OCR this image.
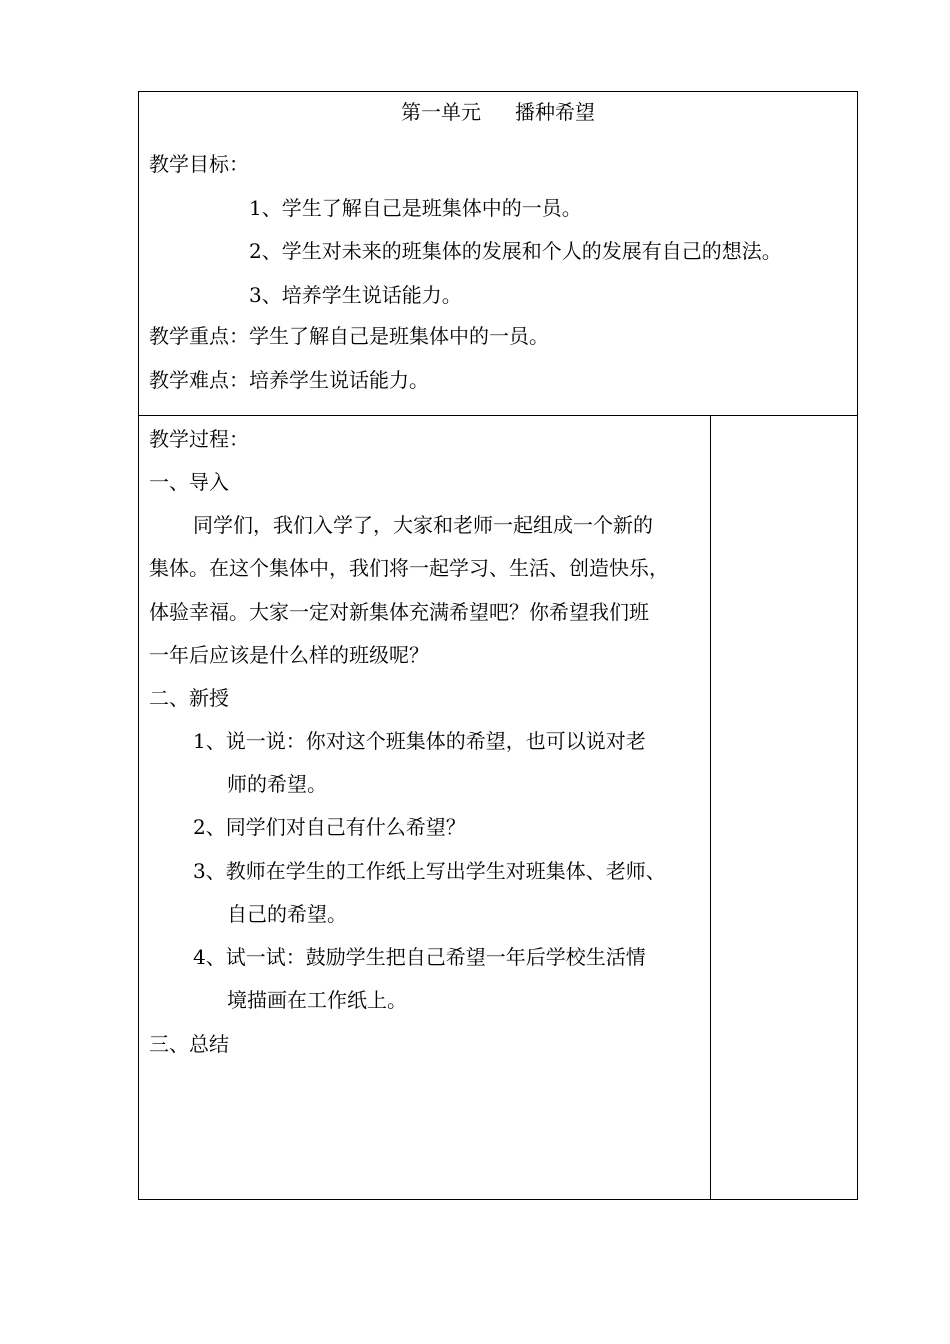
第一单元 播种希望
教学目标：
1、学生了解自己是班集体中的一员。
2、学生对未来的班集体的发展和个人的发展有自己的想法。
3、培养学生说话能力。
教学重点：学生了解自己是班集体中的一员。
教学难点：培养学生说话能力。
教学过程：
一、导入
同学们，我们入学了，大家和老师一起组成一个新的
集体。在这个集体中，我们将一起学习、生活、创造快乐，
体验幸福。大家一定对新集体充满希望吧？你希望我们班
一年后应该是什么样的班级呢？
二、新授
1、说一说：你对这个班集体的希望，也可以说对老
师的希望。
2、同学们对自己有什么希望？
3、教师在学生的工作纸上写出学生对班集体、老师、
自己的希望。
4、试一试：鼓励学生把自己希望一年后学校生活情
境描画在工作纸上。
三、总结
